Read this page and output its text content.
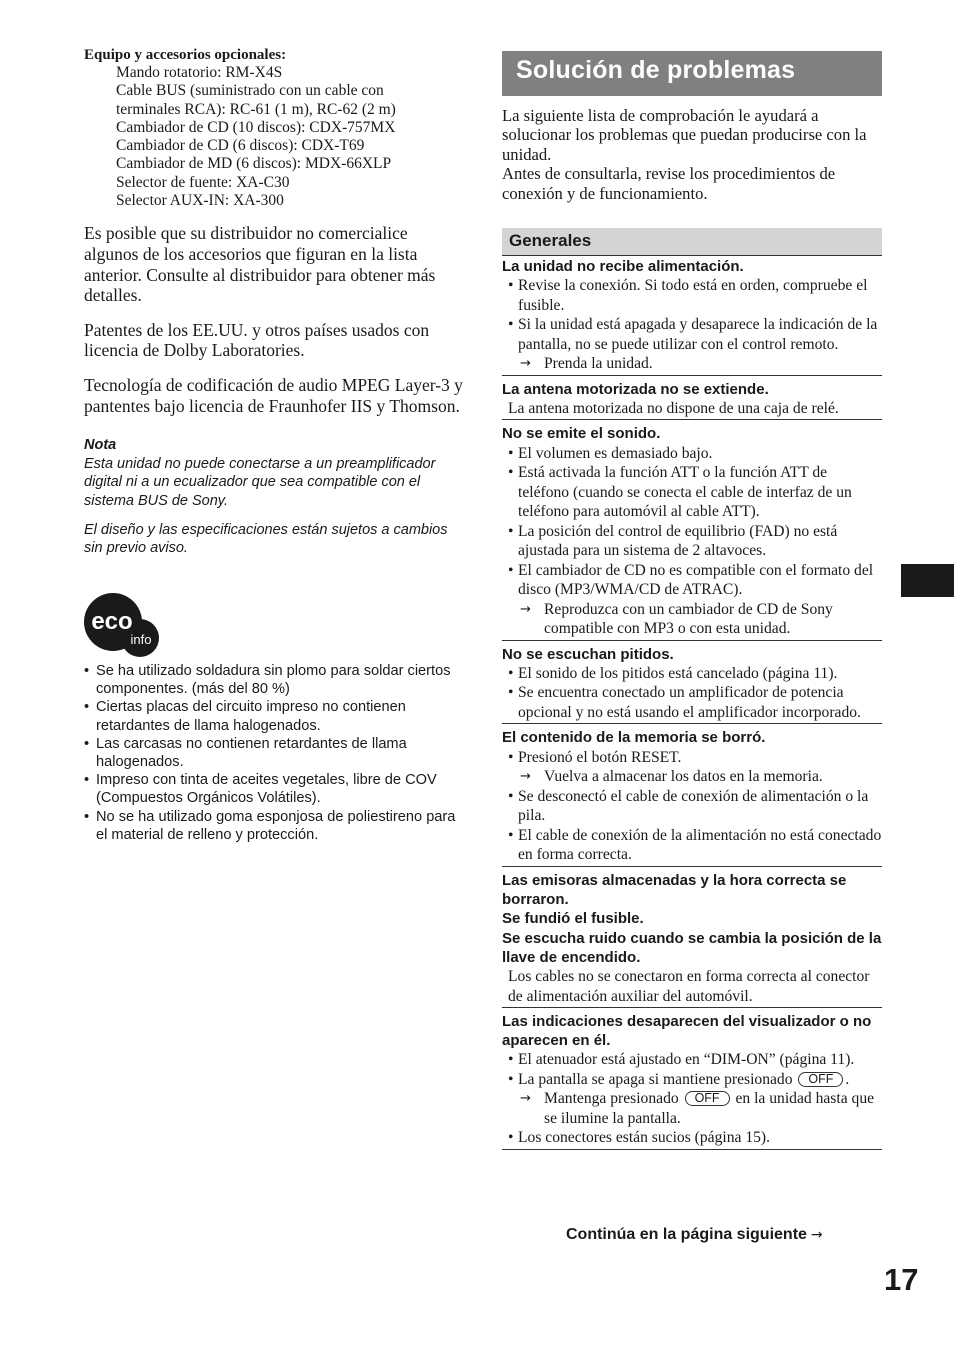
Equipo y accesorios opcionales:
Mando rotatorio: RM-X4S
Cable BUS (suministrado con un cable con
terminales RCA): RC-61 (1 m), RC-62 (2 m)
Cambiador de CD (10 discos): CDX-757MX
Cambiador de CD (6 discos): CDX-T69
Cambiador de MD (6 discos): MDX-66XLP
Selector de fuente: XA-C30
Selector AUX-IN: XA-300

Es posible que su distribuidor no comercialice algunos de los accesorios que figuran en la lista anterior. Consulte al distribuidor para obtener más detalles.

Patentes de los EE.UU. y otros países usados con licencia de Dolby Laboratories.

Tecnología de codificación de audio MPEG Layer-3 y pantentes bajo licencia de Fraunhofer IIS y Thomson.

Nota

Esta unidad no puede conectarse a un preamplificador digital ni a un ecualizador que sea compatible con el sistema BUS de Sony.

El diseño y las especificaciones están sujetos a cambios sin previo aviso.

eco
info
• Se ha utilizado soldadura sin plomo para soldar ciertos componentes. (más del 80 %)
• Ciertas placas del circuito impreso no contienen retardantes de llama halogenados.
• Las carcasas no contienen retardantes de llama halogenados.
• Impreso con tinta de aceites vegetales, libre de COV (Compuestos Orgánicos Volátiles).
• No se ha utilizado goma esponjosa de poliestireno para el material de relleno y protección.
Solución de problemas

La siguiente lista de comprobación le ayudará a solucionar los problemas que puedan producirse con la unidad.

Antes de consultarla, revise los procedimientos de conexión y de funcionamiento.

Generales
La unidad no recibe alimentación.
• Revise la conexión. Si todo está en orden, compruebe el fusible.
• Si la unidad está apagada y desaparece la indicación de la pantalla, no se puede utilizar con el control remoto.
→ Prenda la unidad.
La antena motorizada no se extiende.
La antena motorizada no dispone de una caja de relé.
No se emite el sonido.
• El volumen es demasiado bajo.
• Está activada la función ATT o la función ATT de teléfono (cuando se conecta el cable de interfaz de un teléfono para automóvil al cable ATT).
• La posición del control de equilibrio (FAD) no está ajustada para un sistema de 2 altavoces.
• El cambiador de CD no es compatible con el formato del disco (MP3/WMA/CD de ATRAC).
→ Reproduzca con un cambiador de CD de Sony compatible con MP3 o con esta unidad.
No se escuchan pitidos.
• El sonido de los pitidos está cancelado (página 11).
• Se encuentra conectado un amplificador de potencia opcional y no está usando el amplificador incorporado.
El contenido de la memoria se borró.
• Presionó el botón RESET.
→ Vuelva a almacenar los datos en la memoria.
• Se desconectó el cable de conexión de alimentación o la pila.
• El cable de conexión de la alimentación no está conectado en forma correcta.
Las emisoras almacenadas y la hora correcta se borraron.
Se fundió el fusible.
Se escucha ruido cuando se cambia la posición de la llave de encendido.
Los cables no se conectaron en forma correcta al conector de alimentación auxiliar del automóvil.
Las indicaciones desaparecen del visualizador o no aparecen en él.
• El atenuador está ajustado en “DIM-ON” (página 11).
• La pantalla se apaga si mantiene presionado OFF .
→ Mantenga presionado OFF en la unidad hasta que se ilumine la pantalla.
• Los conectores están sucios (página 15).
Continúa en la página siguiente →
17
